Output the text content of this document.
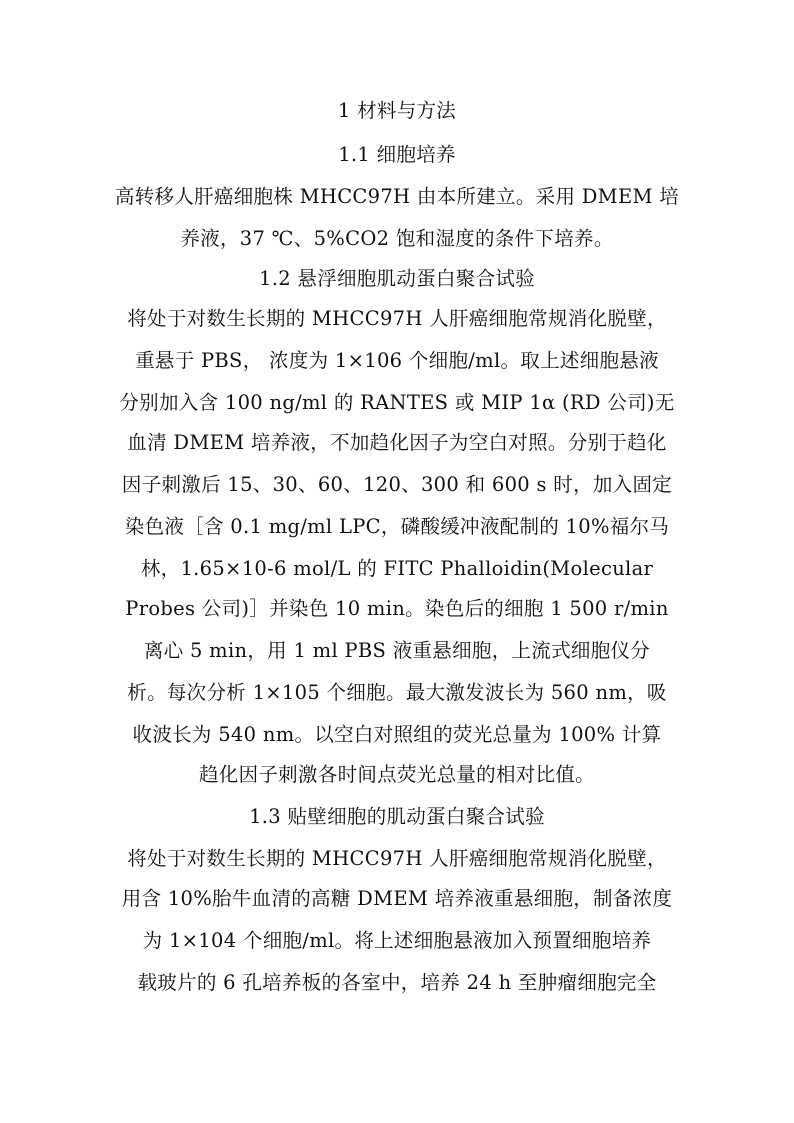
1 材料与方法
1.1 细胞培养
高转移人肝癌细胞株 MHCC97H 由本所建立。采用 DMEM 培
养液，37 ℃、5%CO2 饱和湿度的条件下培养。
1.2 悬浮细胞肌动蛋白聚合试验
将处于对数生长期的 MHCC97H 人肝癌细胞常规消化脱壁，
重悬于 PBS， 浓度为 1×106 个细胞/ml。取上述细胞悬液
分别加入含 100 ng/ml 的 RANTES 或 MIP 1α (RD 公司)无
血清 DMEM 培养液，不加趋化因子为空白对照。分别于趋化
因子刺激后 15、30、60、120、300 和 600 s 时，加入固定
染色液［含 0.1 mg/ml LPC，磷酸缓冲液配制的 10%福尔马
林，1.65×10-6 mol/L 的 FITC Phalloidin(Molecular
Probes 公司)］并染色 10 min。染色后的细胞 1 500 r/min
离心 5 min，用 1 ml PBS 液重悬细胞，上流式细胞仪分
析。每次分析 1×105 个细胞。最大激发波长为 560 nm，吸
收波长为 540 nm。以空白对照组的荧光总量为 100% 计算
趋化因子刺激各时间点荧光总量的相对比值。
1.3 贴壁细胞的肌动蛋白聚合试验
将处于对数生长期的 MHCC97H 人肝癌细胞常规消化脱壁，
用含 10%胎牛血清的高糖 DMEM 培养液重悬细胞，制备浓度
为 1×104 个细胞/ml。将上述细胞悬液加入预置细胞培养
载玻片的 6 孔培养板的各室中，培养 24 h 至肿瘤细胞完全
